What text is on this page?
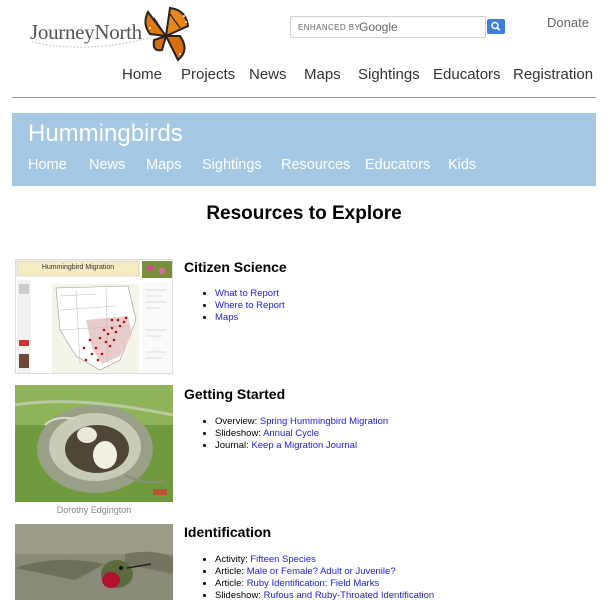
JourneyNorth	ENHANCED BY
Google	Donate
Home Projects News Maps Sightings Educators Registration
Hummingbirds
Home News Maps Sightings Resources Educators Kids
Resources to Explore
Hummingbird Migration	Citizen Science
• What to Report
• Where to Report
• Maps
Dorothy Edgington
Getting Started
• Overview: Spring Hummingbird Migration
• Slideshow: Annual Cycle
• Journal: Keep a Migration Journal
Identification
• Activity: Fifteen Species
• Article: Male or Female? Adult or Juvenile?
• Article: Ruby Identification: Field Marks
• Slideshow: Rufous and Ruby-Throated Identification
